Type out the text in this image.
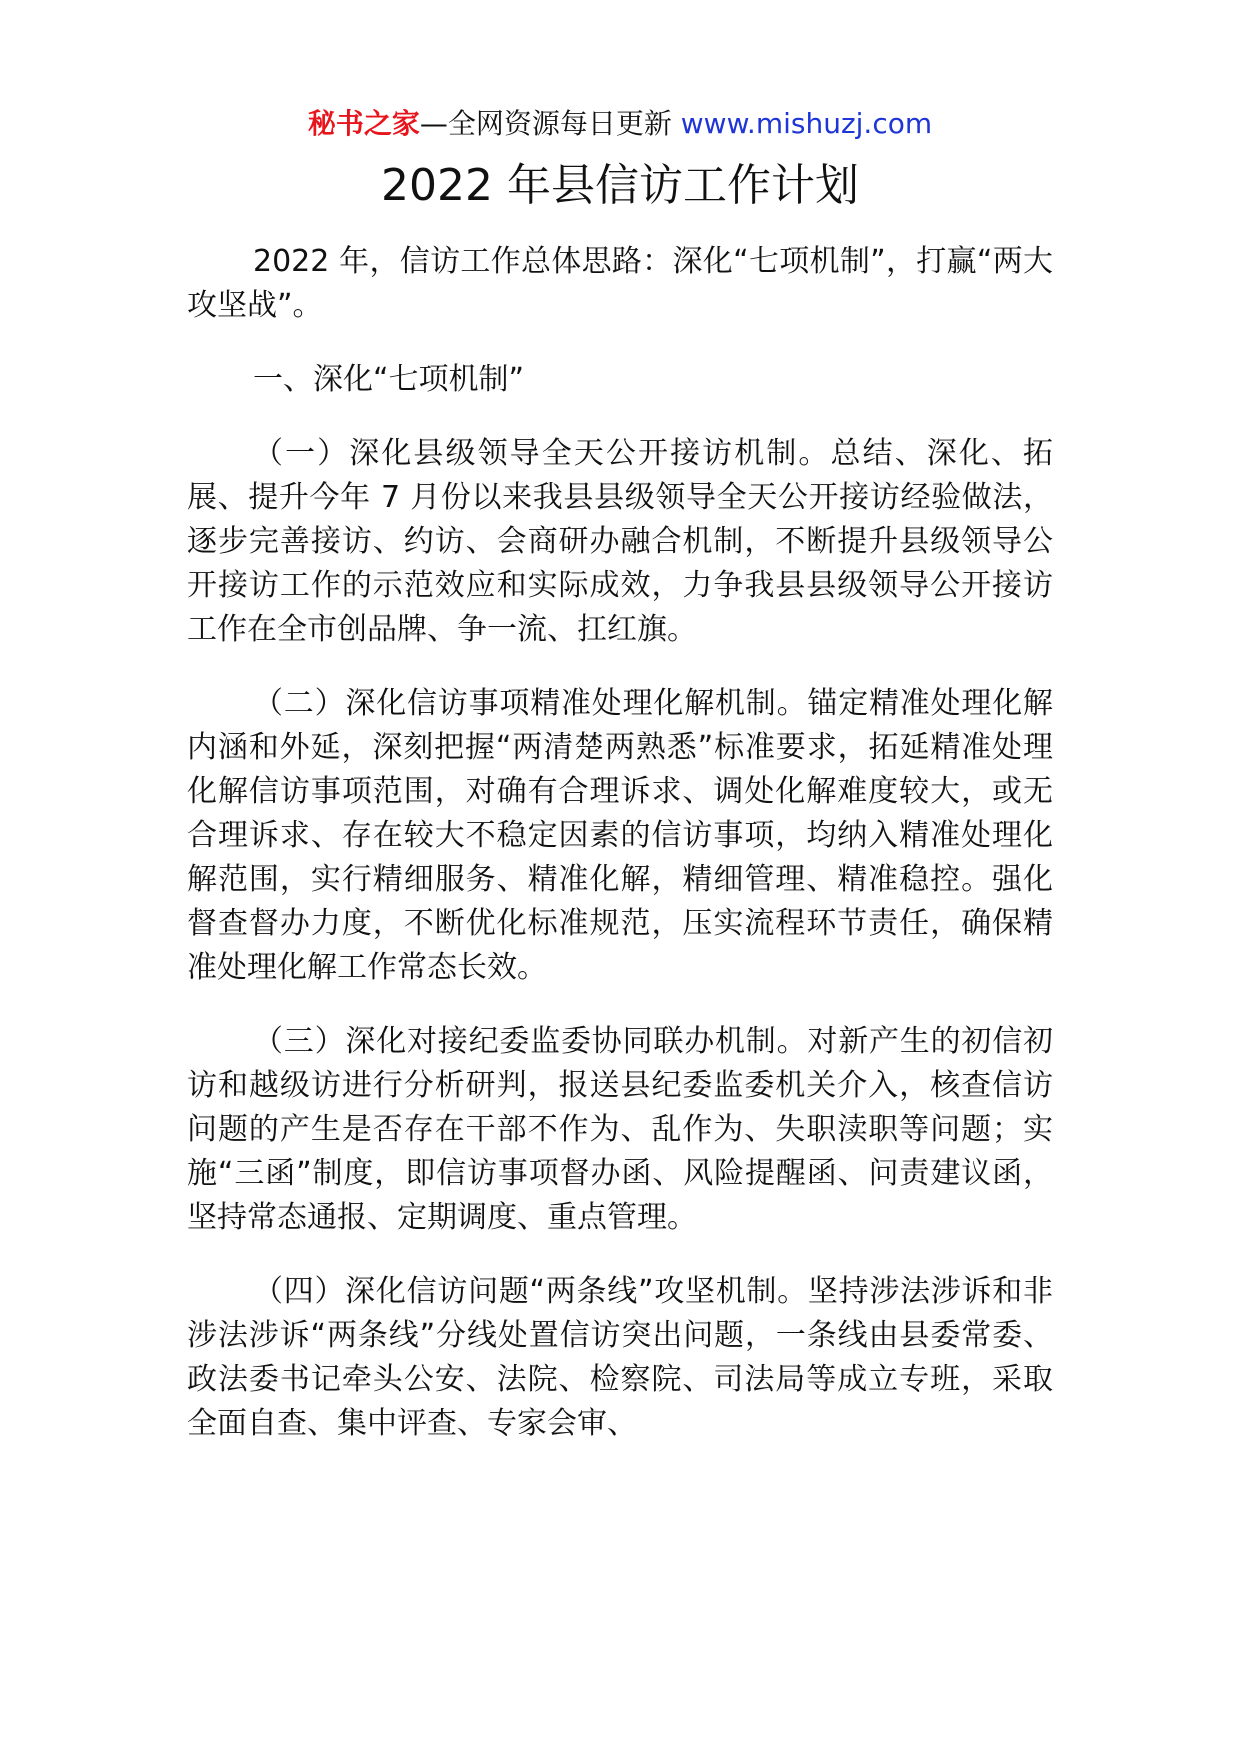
秘书之家—全网资源每日更新 www.mishuzj.com
2022 年县信访工作计划

2022 年，信访工作总体思路：深化“七项机制”，打赢“两大攻坚战”。

一、深化“七项机制”

（一）深化县级领导全天公开接访机制。总结、深化、拓展、提升今年 7 月份以来我县县级领导全天公开接访经验做法，逐步完善接访、约访、会商研办融合机制，不断提升县级领导公开接访工作的示范效应和实际成效，力争我县县级领导公开接访工作在全市创品牌、争一流、扛红旗。

（二）深化信访事项精准处理化解机制。锚定精准处理化解内涵和外延，深刻把握“两清楚两熟悉”标准要求，拓延精准处理化解信访事项范围，对确有合理诉求、调处化解难度较大，或无合理诉求、存在较大不稳定因素的信访事项，均纳入精准处理化解范围，实行精细服务、精准化解，精细管理、精准稳控。强化督查督办力度，不断优化标准规范，压实流程环节责任，确保精准处理化解工作常态长效。

（三）深化对接纪委监委协同联办机制。对新产生的初信初访和越级访进行分析研判，报送县纪委监委机关介入，核查信访问题的产生是否存在干部不作为、乱作为、失职渎职等问题；实施“三函”制度，即信访事项督办函、风险提醒函、问责建议函，坚持常态通报、定期调度、重点管理。

（四）深化信访问题“两条线”攻坚机制。坚持涉法涉诉和非涉法涉诉“两条线”分线处置信访突出问题，一条线由县委常委、政法委书记牵头公安、法院、检察院、司法局等成立专班，采取全面自查、集中评查、专家会审、
